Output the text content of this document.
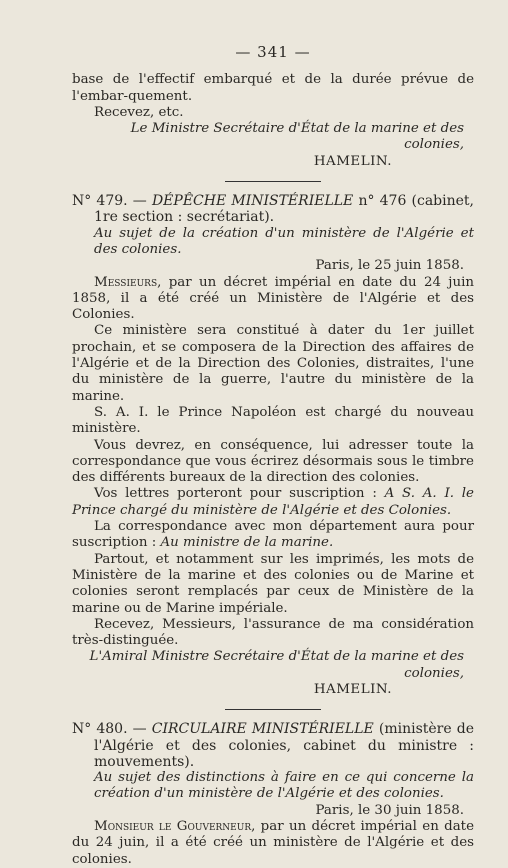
— 341 —

base de l'effectif embarqué et de la durée prévue de l'embar-quement.

Recevez, etc.

Le Ministre Secrétaire d'État de la marine et des colonies,

HAMELIN.

N° 479. — DÉPÊCHE MINISTÉRIELLE n° 476 (cabinet, 1re section : secrétariat).

Au sujet de la création d'un ministère de l'Algérie et des colonies.

Paris, le 25 juin 1858.

Messieurs, par un décret impérial en date du 24 juin 1858, il a été créé un Ministère de l'Algérie et des Colonies.

Ce ministère sera constitué à dater du 1er juillet prochain, et se composera de la Direction des affaires de l'Algérie et de la Direction des Colonies, distraites, l'une du ministère de la guerre, l'autre du ministère de la marine.

S. A. I. le Prince Napoléon est chargé du nouveau ministère.

Vous devrez, en conséquence, lui adresser toute la correspondance que vous écrirez désormais sous le timbre des différents bureaux de la direction des colonies.

Vos lettres porteront pour suscription : A S. A. I. le Prince chargé du ministère de l'Algérie et des Colonies.

La correspondance avec mon département aura pour suscription : Au ministre de la marine.

Partout, et notamment sur les imprimés, les mots de Ministère de la marine et des colonies ou de Marine et colonies seront remplacés par ceux de Ministère de la marine ou de Marine impériale.

Recevez, Messieurs, l'assurance de ma considération très-distinguée.

L'Amiral Ministre Secrétaire d'État de la marine et des colonies,

HAMELIN.

N° 480. — CIRCULAIRE MINISTÉRIELLE (ministère de l'Algérie et des colonies, cabinet du ministre : mouvements).

Au sujet des distinctions à faire en ce qui concerne la création d'un ministère de l'Algérie et des colonies.

Paris, le 30 juin 1858.

Monsieur le Gouverneur, par un décret impérial en date du 24 juin, il a été créé un ministère de l'Algérie et des colonies.
